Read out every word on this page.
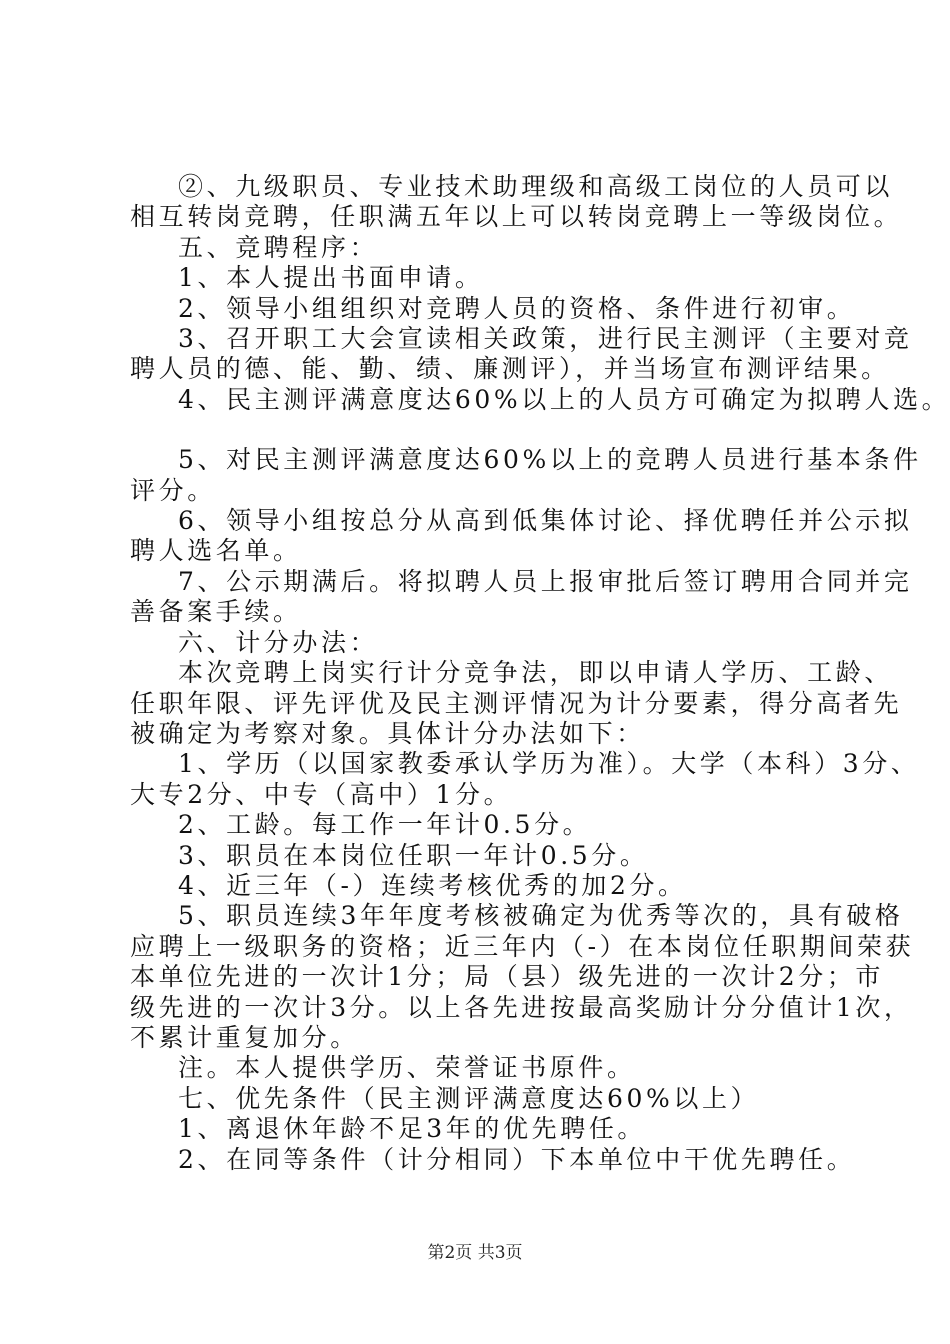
②、九级职员、专业技术助理级和高级工岗位的人员可以
相互转岗竞聘，任职满五年以上可以转岗竞聘上一等级岗位。

五、竞聘程序：

1、本人提出书面申请。

2、领导小组组织对竞聘人员的资格、条件进行初审。

3、召开职工大会宣读相关政策，进行民主测评（主要对竞
聘人员的德、能、勤、绩、廉测评），并当场宣布测评结果。

4、民主测评满意度达60%以上的人员方可确定为拟聘人选。

5、对民主测评满意度达60%以上的竞聘人员进行基本条件
评分。

6、领导小组按总分从高到低集体讨论、择优聘任并公示拟
聘人选名单。

7、公示期满后。将拟聘人员上报审批后签订聘用合同并完
善备案手续。

六、计分办法：

本次竞聘上岗实行计分竞争法，即以申请人学历、工龄、
任职年限、评先评优及民主测评情况为计分要素，得分高者先
被确定为考察对象。具体计分办法如下：

1、学历（以国家教委承认学历为准）。大学（本科）3分、
大专2分、中专（高中）1分。

2、工龄。每工作一年计0.5分。

3、职员在本岗位任职一年计0.5分。

4、近三年（-）连续考核优秀的加2分。

5、职员连续3年年度考核被确定为优秀等次的，具有破格
应聘上一级职务的资格；近三年内（-）在本岗位任职期间荣获
本单位先进的一次计1分；局（县）级先进的一次计2分；市
级先进的一次计3分。以上各先进按最高奖励计分分值计1次，
不累计重复加分。

注。本人提供学历、荣誉证书原件。

七、优先条件（民主测评满意度达60%以上）

1、离退休年龄不足3年的优先聘任。

2、在同等条件（计分相同）下本单位中干优先聘任。

第2页 共3页
